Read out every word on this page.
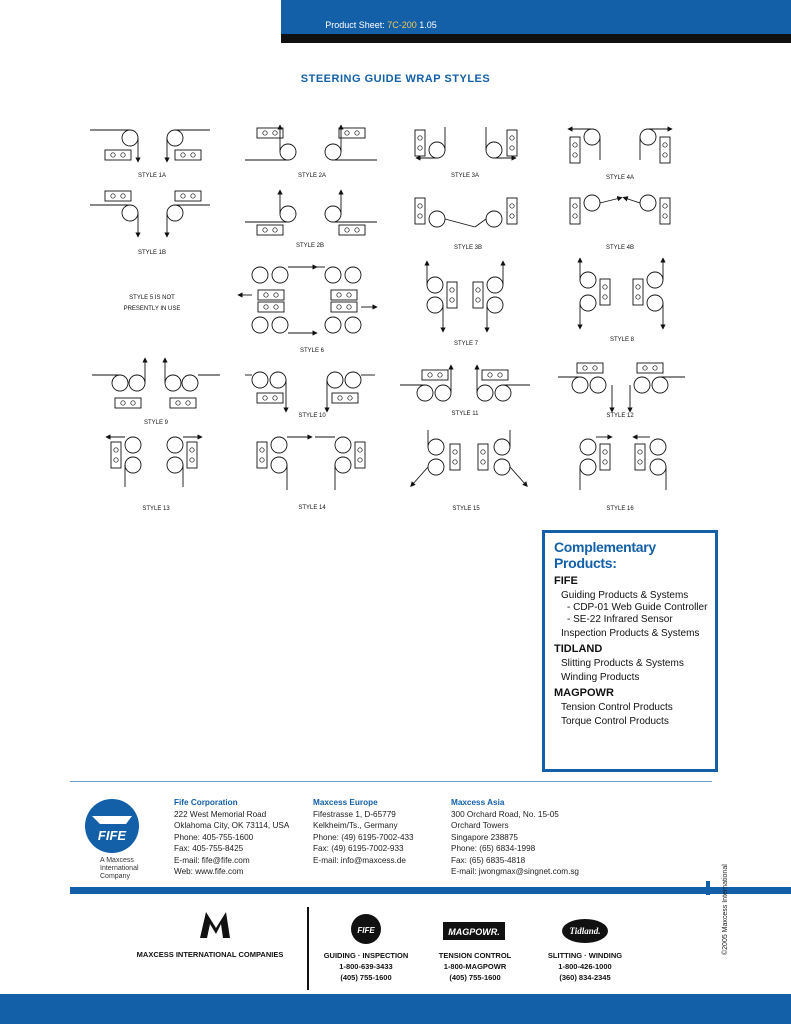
Product Sheet: 7C-200 1.05
STEERING GUIDE WRAP STYLES
STYLE 1A	STYLE 2A	STYLE 3A	STYLE 4A
STYLE 1B
STYLE 2B	STYLE 3B	STYLE 4B
STYLE 5 IS NOT
PRESENTLY IN USE
STYLE 6
STYLE 7
STYLE 8
STYLE 9
STYLE 10	STYLE 11	STYLE 12
STYLE 13	STYLE 14	STYLE 15	STYLE 16
Complementary Products:
FIFE
Guiding Products & Systems
- CDP-01 Web Guide Controller
- SE-22 Infrared Sensor
Inspection Products & Systems
TIDLAND
Slitting Products & Systems
Winding Products
MAGPOWR
Tension Control Products
Torque Control Products
FIFE
A Maxcess
International
Company
Fife Corporation
222 West Memorial Road
Oklahoma City, OK 73114, USA
Phone: 405-755-1600
Fax: 405-755-8425
E-mail: fife@fife.com
Web: www.fife.com
Maxcess Europe
Fifestrasse 1, D-65779
Kelkheim/Ts., Germany
Phone: (49) 6195-7002-433
Fax: (49) 6195-7002-933
E-mail: info@maxcess.de
Maxcess Asia
300 Orchard Road, No. 15-05
Orchard Towers
Singapore 238875
Phone: (65) 6834-1998
Fax: (65) 6835-4818
E-mail: jwongmax@singnet.com.sg
MAXCESS INTERNATIONAL COMPANIES
FIFE
GUIDING · INSPECTION
1-800-639-3433
(405) 755-1600
MAGPOWR.
TENSION CONTROL
1-800-MAGPOWR
(405) 755-1600
Tidland.
SLITTING · WINDING
1-800-426-1000
(360) 834-2345
©2005 Maxcess International
